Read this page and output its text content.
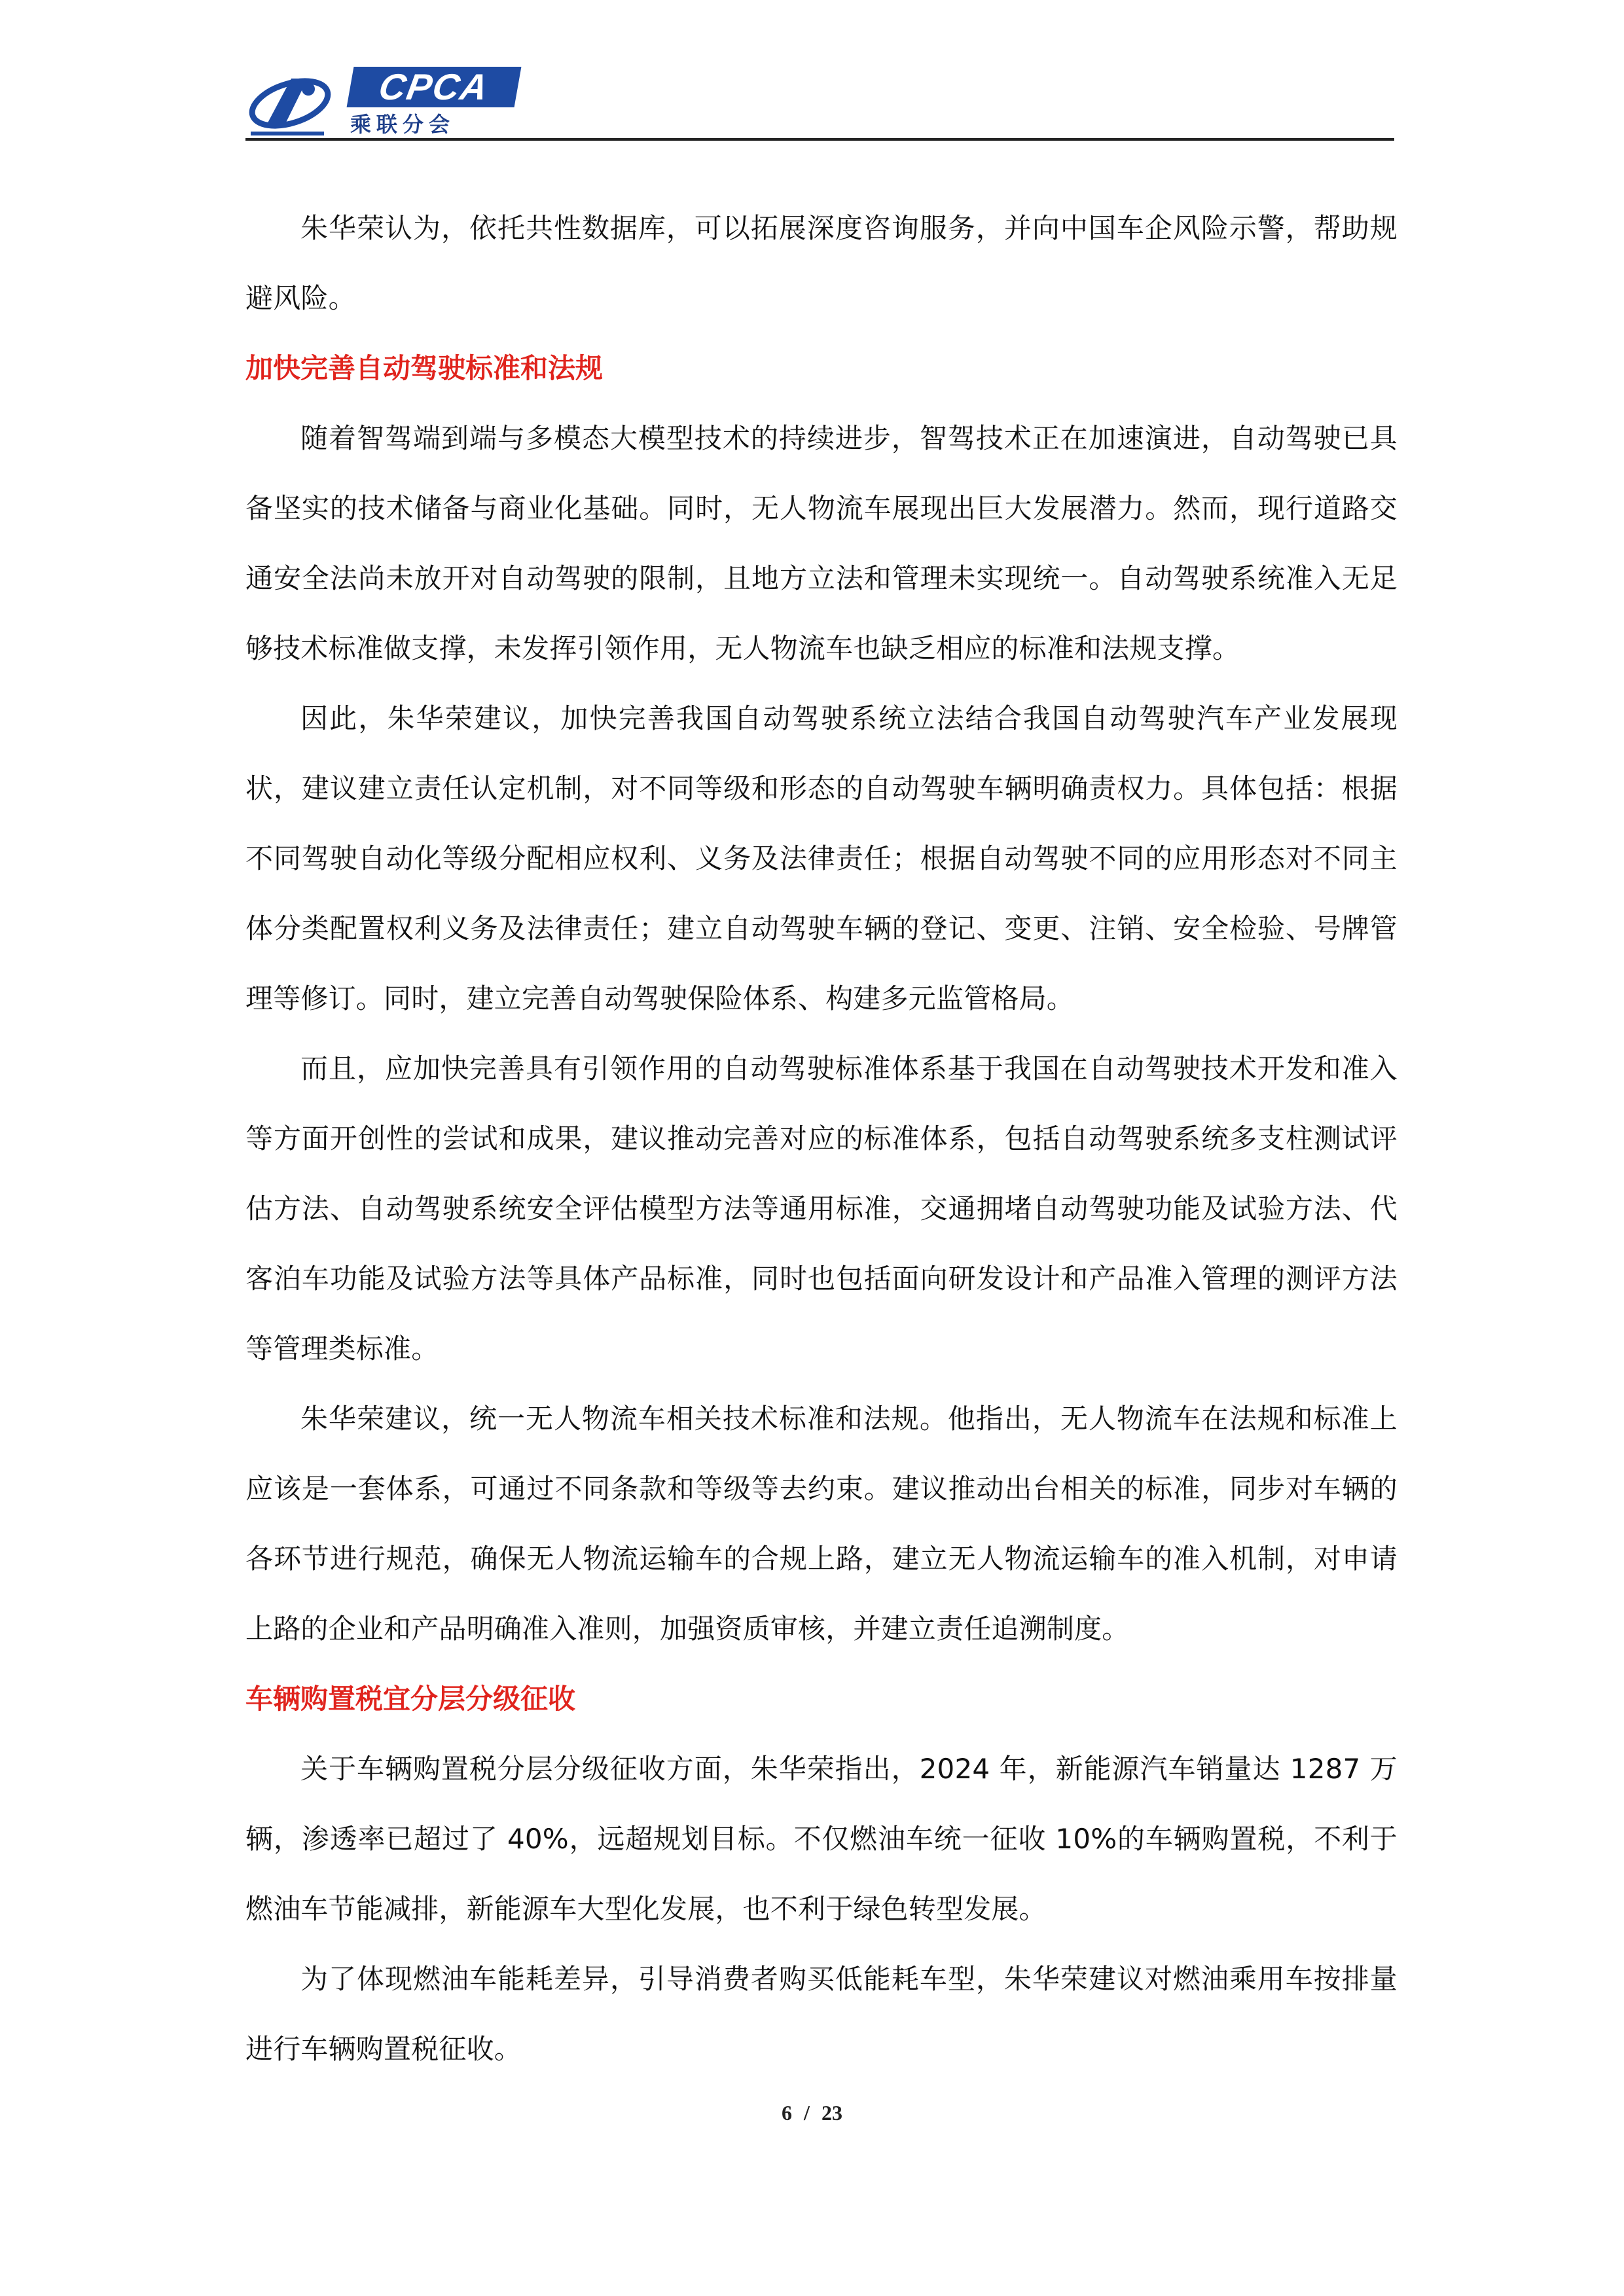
CPCA
乘联分会

朱华荣认为，依托共性数据库，可以拓展深度咨询服务，并向中国车企风险示警，帮助规避风险。

加快完善自动驾驶标准和法规

随着智驾端到端与多模态大模型技术的持续进步，智驾技术正在加速演进，自动驾驶已具备坚实的技术储备与商业化基础。同时，无人物流车展现出巨大发展潜力。然而，现行道路交通安全法尚未放开对自动驾驶的限制，且地方立法和管理未实现统一。自动驾驶系统准入无足够技术标准做支撑，未发挥引领作用，无人物流车也缺乏相应的标准和法规支撑。

因此，朱华荣建议，加快完善我国自动驾驶系统立法结合我国自动驾驶汽车产业发展现状，建议建立责任认定机制，对不同等级和形态的自动驾驶车辆明确责权力。具体包括：根据不同驾驶自动化等级分配相应权利、义务及法律责任；根据自动驾驶不同的应用形态对不同主体分类配置权利义务及法律责任；建立自动驾驶车辆的登记、变更、注销、安全检验、号牌管理等修订。同时，建立完善自动驾驶保险体系、构建多元监管格局。

而且，应加快完善具有引领作用的自动驾驶标准体系基于我国在自动驾驶技术开发和准入等方面开创性的尝试和成果，建议推动完善对应的标准体系，包括自动驾驶系统多支柱测试评估方法、自动驾驶系统安全评估模型方法等通用标准，交通拥堵自动驾驶功能及试验方法、代客泊车功能及试验方法等具体产品标准，同时也包括面向研发设计和产品准入管理的测评方法等管理类标准。

朱华荣建议，统一无人物流车相关技术标准和法规。他指出，无人物流车在法规和标准上应该是一套体系，可通过不同条款和等级等去约束。建议推动出台相关的标准，同步对车辆的各环节进行规范，确保无人物流运输车的合规上路，建立无人物流运输车的准入机制，对申请上路的企业和产品明确准入准则，加强资质审核，并建立责任追溯制度。

车辆购置税宜分层分级征收

关于车辆购置税分层分级征收方面，朱华荣指出，2024 年，新能源汽车销量达 1287 万辆，渗透率已超过了 40%，远超规划目标。不仅燃油车统一征收 10%的车辆购置税，不利于燃油车节能减排，新能源车大型化发展，也不利于绿色转型发展。

为了体现燃油车能耗差异，引导消费者购买低能耗车型，朱华荣建议对燃油乘用车按排量进行车辆购置税征收。

6 / 23
